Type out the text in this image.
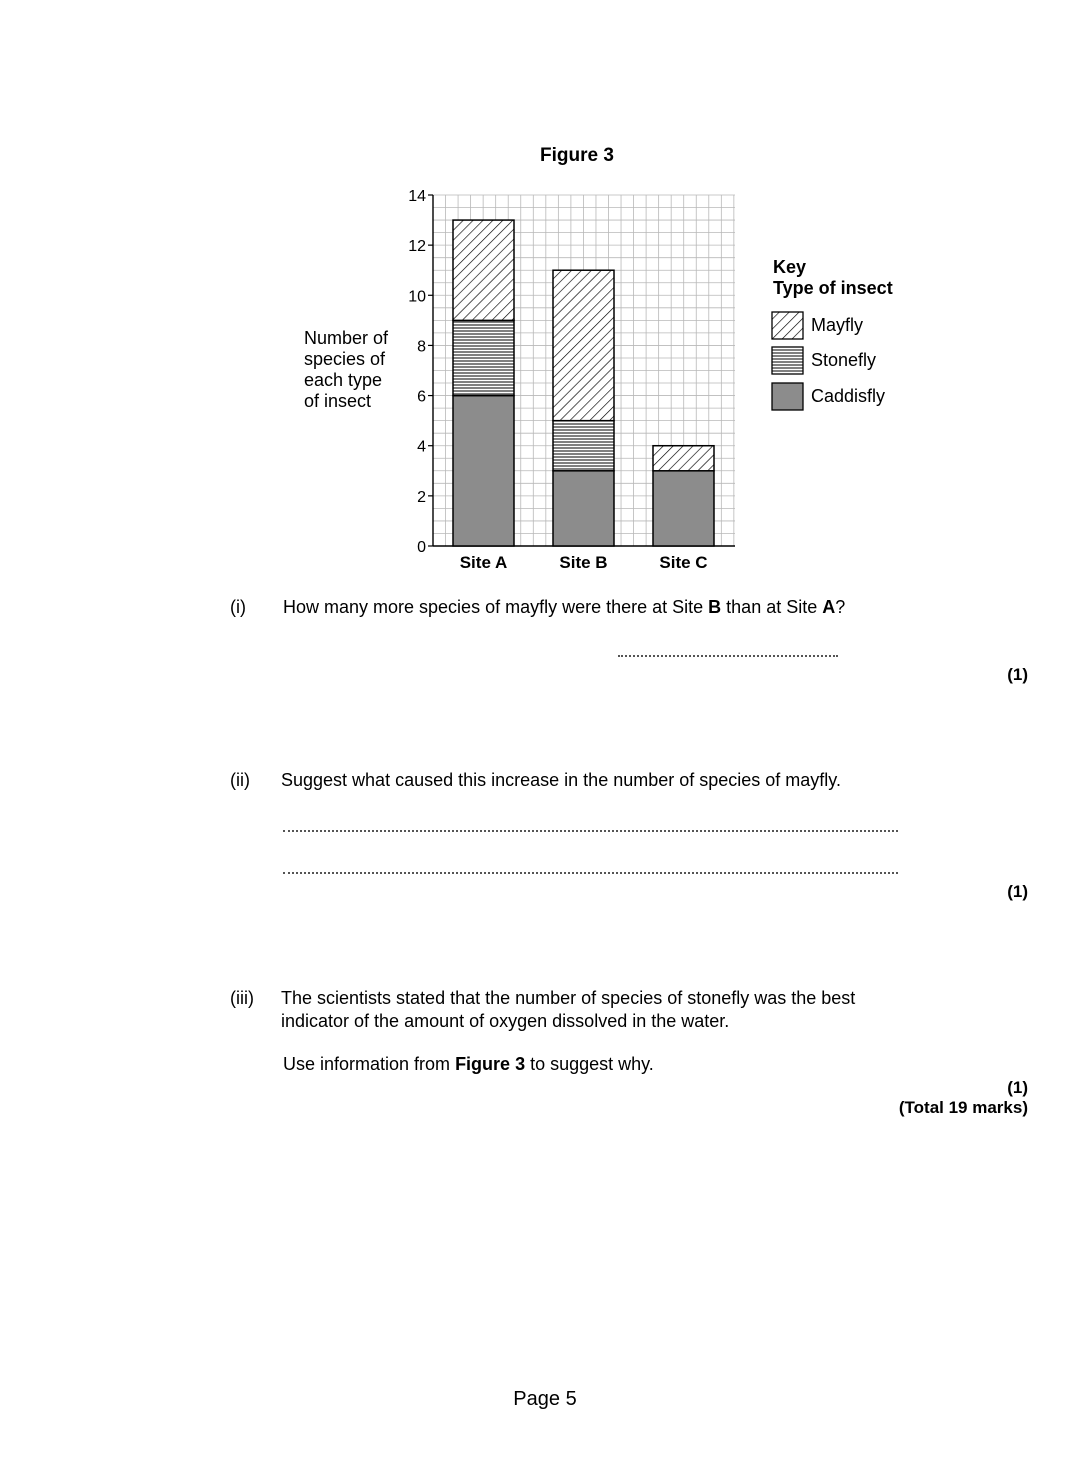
Figure 3
Number of
species of
each type
of insect
0
2
4
6
8
10
12
14
Site A	Site B	Site C
Key
Type of insect
Mayfly
Stonefly
Caddisfly
(i) How many more species of mayfly were there at Site B than at Site A?
(1)
(ii) Suggest what caused this increase in the number of species of mayfly.
(1)
(iii) The scientists stated that the number of species of stonefly was the best
indicator of the amount of oxygen dissolved in the water.
Use information from Figure 3 to suggest why.
(1)
(Total 19 marks)
Page 5
